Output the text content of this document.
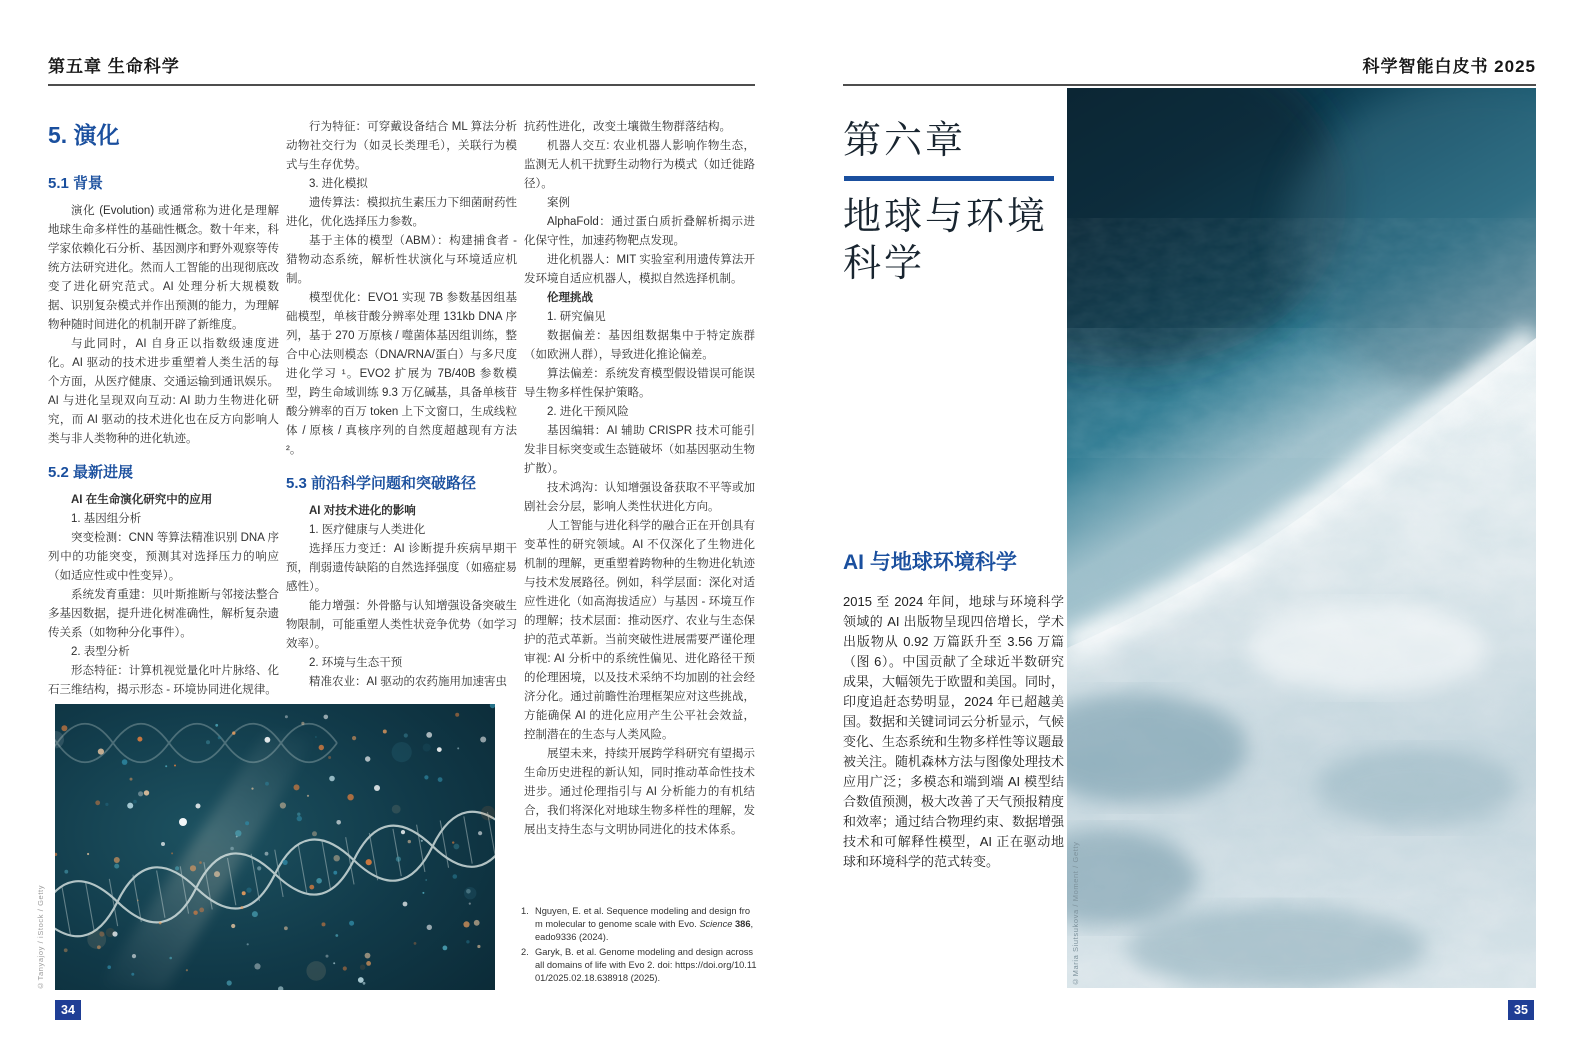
第五章 生命科学	科学智能白皮书 2025
5. 演化
5.1 背景
演化 (Evolution) 或通常称为进化是理解地球生命多样性的基础性概念。数十年来，科学家依赖化石分析、基因测序和野外观察等传统方法研究进化。然而人工智能的出现彻底改变了进化研究范式。AI 处理分析大规模数据、识别复杂模式并作出预测的能力，为理解物种随时间进化的机制开辟了新维度。
与此同时，AI 自身正以指数级速度进化。AI 驱动的技术进步重塑着人类生活的每个方面，从医疗健康、交通运输到通讯娱乐。AI 与进化呈现双向互动: AI 助力生物进化研究，而 AI 驱动的技术进化也在反方向影响人类与非人类物种的进化轨迹。
5.2 最新进展
AI 在生命演化研究中的应用
1. 基因组分析
突变检测：CNN 等算法精准识别 DNA 序列中的功能突变，预测其对选择压力的响应（如适应性或中性变异）。
系统发育重建：贝叶斯推断与邻接法整合多基因数据，提升进化树准确性，解析复杂遗传关系（如物种分化事件）。
2. 表型分析
形态特征：计算机视觉量化叶片脉络、化石三维结构，揭示形态 - 环境协同进化规律。
行为特征：可穿戴设备结合 ML 算法分析动物社交行为（如灵长类理毛），关联行为模式与生存优势。
3. 进化模拟
遗传算法：模拟抗生素压力下细菌耐药性进化，优化选择压力参数。
基于主体的模型（ABM）：构建捕食者 - 猎物动态系统，解析性状演化与环境适应机制。
模型优化：EVO1 实现 7B 参数基因组基础模型，单核苷酸分辨率处理 131kb DNA 序列，基于 270 万原核 / 噬菌体基因组训练，整合中心法则模态（DNA/RNA/蛋白）与多尺度进化学习 ¹。EVO2 扩展为 7B/40B 参数模型，跨生命域训练 9.3 万亿碱基，具备单核苷酸分辨率的百万 token 上下文窗口，生成线粒体 / 原核 / 真核序列的自然度超越现有方法 ²。
5.3 前沿科学问题和突破路径
AI 对技术进化的影响
1. 医疗健康与人类进化
选择压力变迁：AI 诊断提升疾病早期干预，削弱遗传缺陷的自然选择强度（如癌症易感性）。
能力增强：外骨骼与认知增强设备突破生物限制，可能重塑人类性状竞争优势（如学习效率）。
2. 环境与生态干预
精准农业：AI 驱动的农药施用加速害虫
抗药性进化，改变土壤微生物群落结构。
机器人交互: 农业机器人影响作物生态，监测无人机干扰野生动物行为模式（如迁徙路径）。
案例
AlphaFold：通过蛋白质折叠解析揭示进化保守性，加速药物靶点发现。
进化机器人：MIT 实验室利用遗传算法开发环境自适应机器人，模拟自然选择机制。
伦理挑战
1. 研究偏见
数据偏差：基因组数据集中于特定族群（如欧洲人群），导致进化推论偏差。
算法偏差：系统发育模型假设错误可能误导生物多样性保护策略。
2. 进化干预风险
基因编辑：AI 辅助 CRISPR 技术可能引发非目标突变或生态链破坏（如基因驱动生物扩散）。
技术鸿沟：认知增强设备获取不平等或加剧社会分层，影响人类性状进化方向。
人工智能与进化科学的融合正在开创具有变革性的研究领域。AI 不仅深化了生物进化机制的理解，更重塑着跨物种的生物进化轨迹与技术发展路径。例如，科学层面：深化对适应性进化（如高海拔适应）与基因 - 环境互作的理解；技术层面：推动医疗、农业与生态保护的范式革新。当前突破性进展需要严谨伦理审视: AI 分析中的系统性偏见、进化路径干预的伦理困境，以及技术采纳不均加剧的社会经济分化。通过前瞻性治理框架应对这些挑战，方能确保 AI 的进化应用产生公平社会效益，控制潜在的生态与人类风险。
展望未来，持续开展跨学科研究有望揭示生命历史进程的新认知，同时推动革命性技术进步。通过伦理指引与 AI 分析能力的有机结合，我们将深化对地球生物多样性的理解，发展出支持生态与文明协同进化的技术体系。
1. Nguyen, E. et al. Sequence modeling and design from molecular to genome scale with Evo. Science 386, eado9336 (2024).
2. Garyk, B. et al. Genome modeling and design across all domains of life with Evo 2. doi: https://doi.org/10.1101/2025.02.18.638918 (2025).
©Tanyajoy / iStock / Getty
第六章
地球与环境科学
AI 与地球环境科学
2015 至 2024 年间，地球与环境科学领域的 AI 出版物呈现四倍增长，学术出版物从 0.92 万篇跃升至 3.56 万篇（图 6）。中国贡献了全球近半数研究成果，大幅领先于欧盟和美国。同时，印度追赶态势明显，2024 年已超越美国。数据和关键词词云分析显示，气候变化、生态系统和生物多样性等议题最被关注。随机森林方法与图像处理技术应用广泛；多模态和端到端 AI 模型结合数值预测，极大改善了天气预报精度和效率；通过结合物理约束、数据增强技术和可解释性模型，AI 正在驱动地球和环境科学的范式转变。	©Maria Siutsukova / Moment / Getty
34	35
